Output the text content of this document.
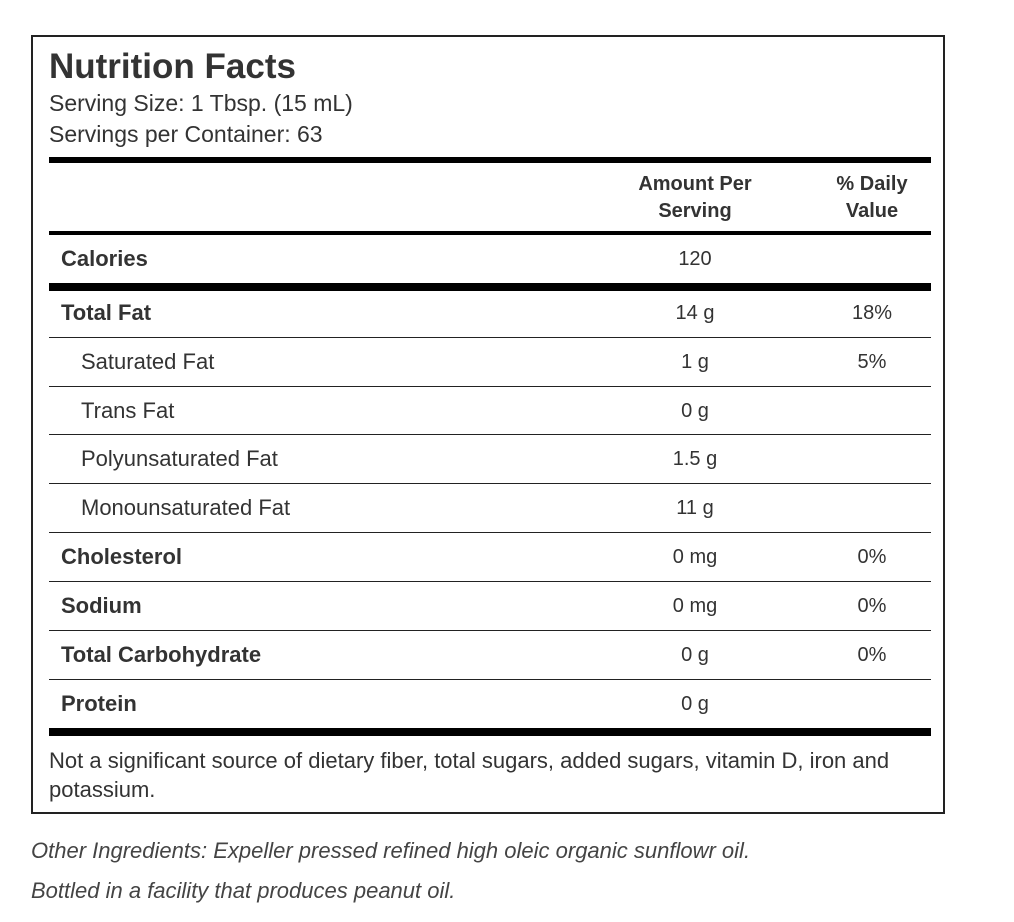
Nutrition Facts
Serving Size: 1 Tbsp. (15 mL)
Servings per Container: 63
Amount Per
Serving
% Daily
Value
Calories	120
Total Fat	14 g	18%
Saturated Fat	1 g	5%
Trans Fat	0 g
Polyunsaturated Fat	1.5 g
Monounsaturated Fat	11 g
Cholesterol	0 mg	0%
Sodium	0 mg	0%
Total Carbohydrate	0 g	0%
Protein	0 g
Not a significant source of dietary fiber, total sugars, added sugars, vitamin D, iron and potassium.
Other Ingredients: Expeller pressed refined high oleic organic sunflowr oil.
Bottled in a facility that produces peanut oil.
